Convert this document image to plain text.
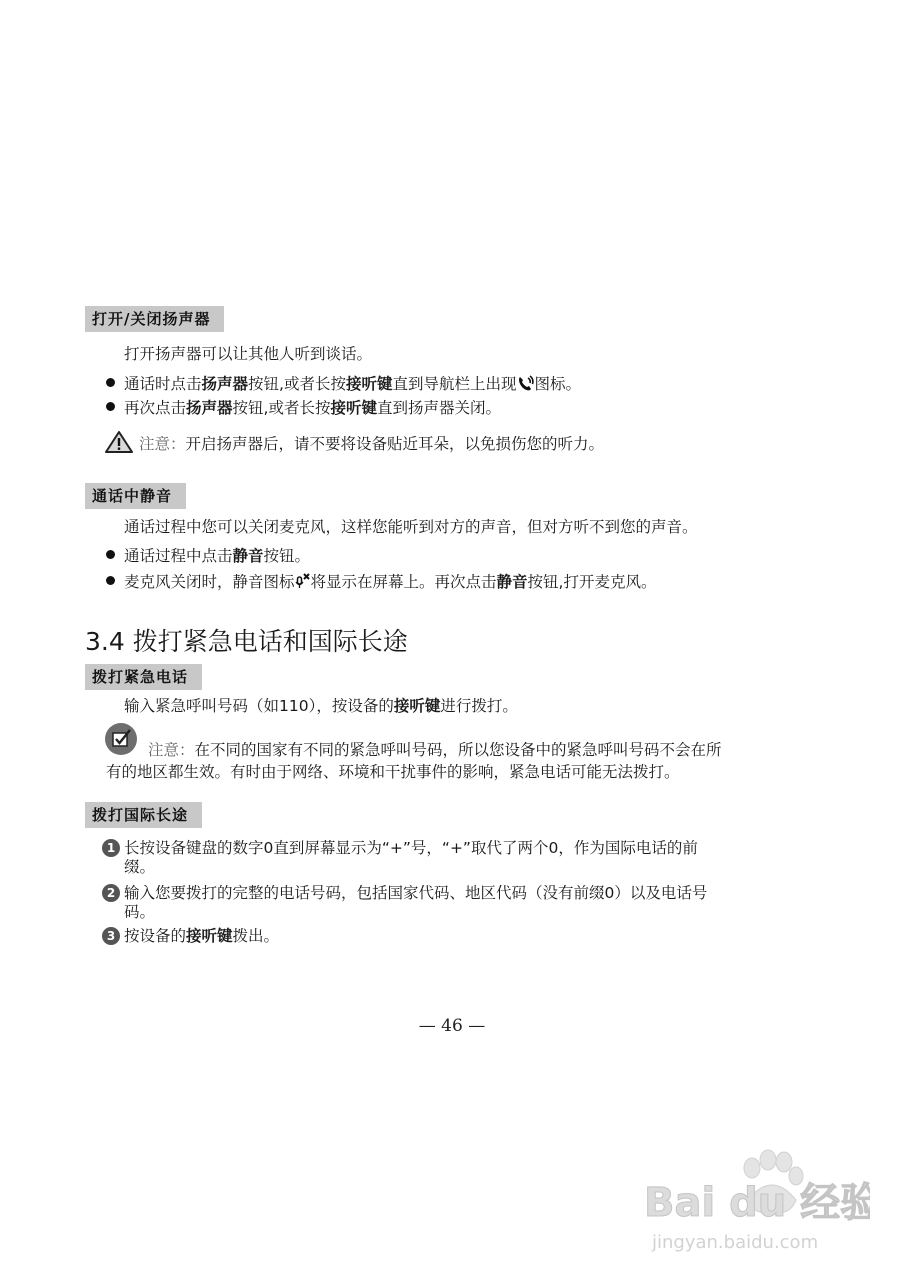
打开/关闭扬声器
打开扬声器可以让其他人听到谈话。
通话时点击扬声器按钮,或者长按接听键直到导航栏上出现 图标。
再次点击扬声器按钮,或者长按接听键直到扬声器关闭。
注意：开启扬声器后，请不要将设备贴近耳朵，以免损伤您的听力。
通话中静音
通话过程中您可以关闭麦克风，这样您能听到对方的声音，但对方听不到您的声音。
通话过程中点击静音按钮。
麦克风关闭时，静音图标 将显示在屏幕上。再次点击静音按钮,打开麦克风。
3.4 拨打紧急电话和国际长途
拨打紧急电话
输入紧急呼叫号码（如110），按设备的接听键进行拨打。
注意：在不同的国家有不同的紧急呼叫号码，所以您设备中的紧急呼叫号码不会在所
有的地区都生效。有时由于网络、环境和干扰事件的影响，紧急电话可能无法拨打。
拨打国际长途
1 长按设备键盘的数字0直到屏幕显示为“+”号，“+”取代了两个0，作为国际电话的前
缀。
2 输入您要拨打的完整的电话号码，包括国家代码、地区代码（没有前缀0）以及电话号
码。
3 按设备的接听键拨出。
— 46 —
Bai du 经验
jingyan.baidu.com
